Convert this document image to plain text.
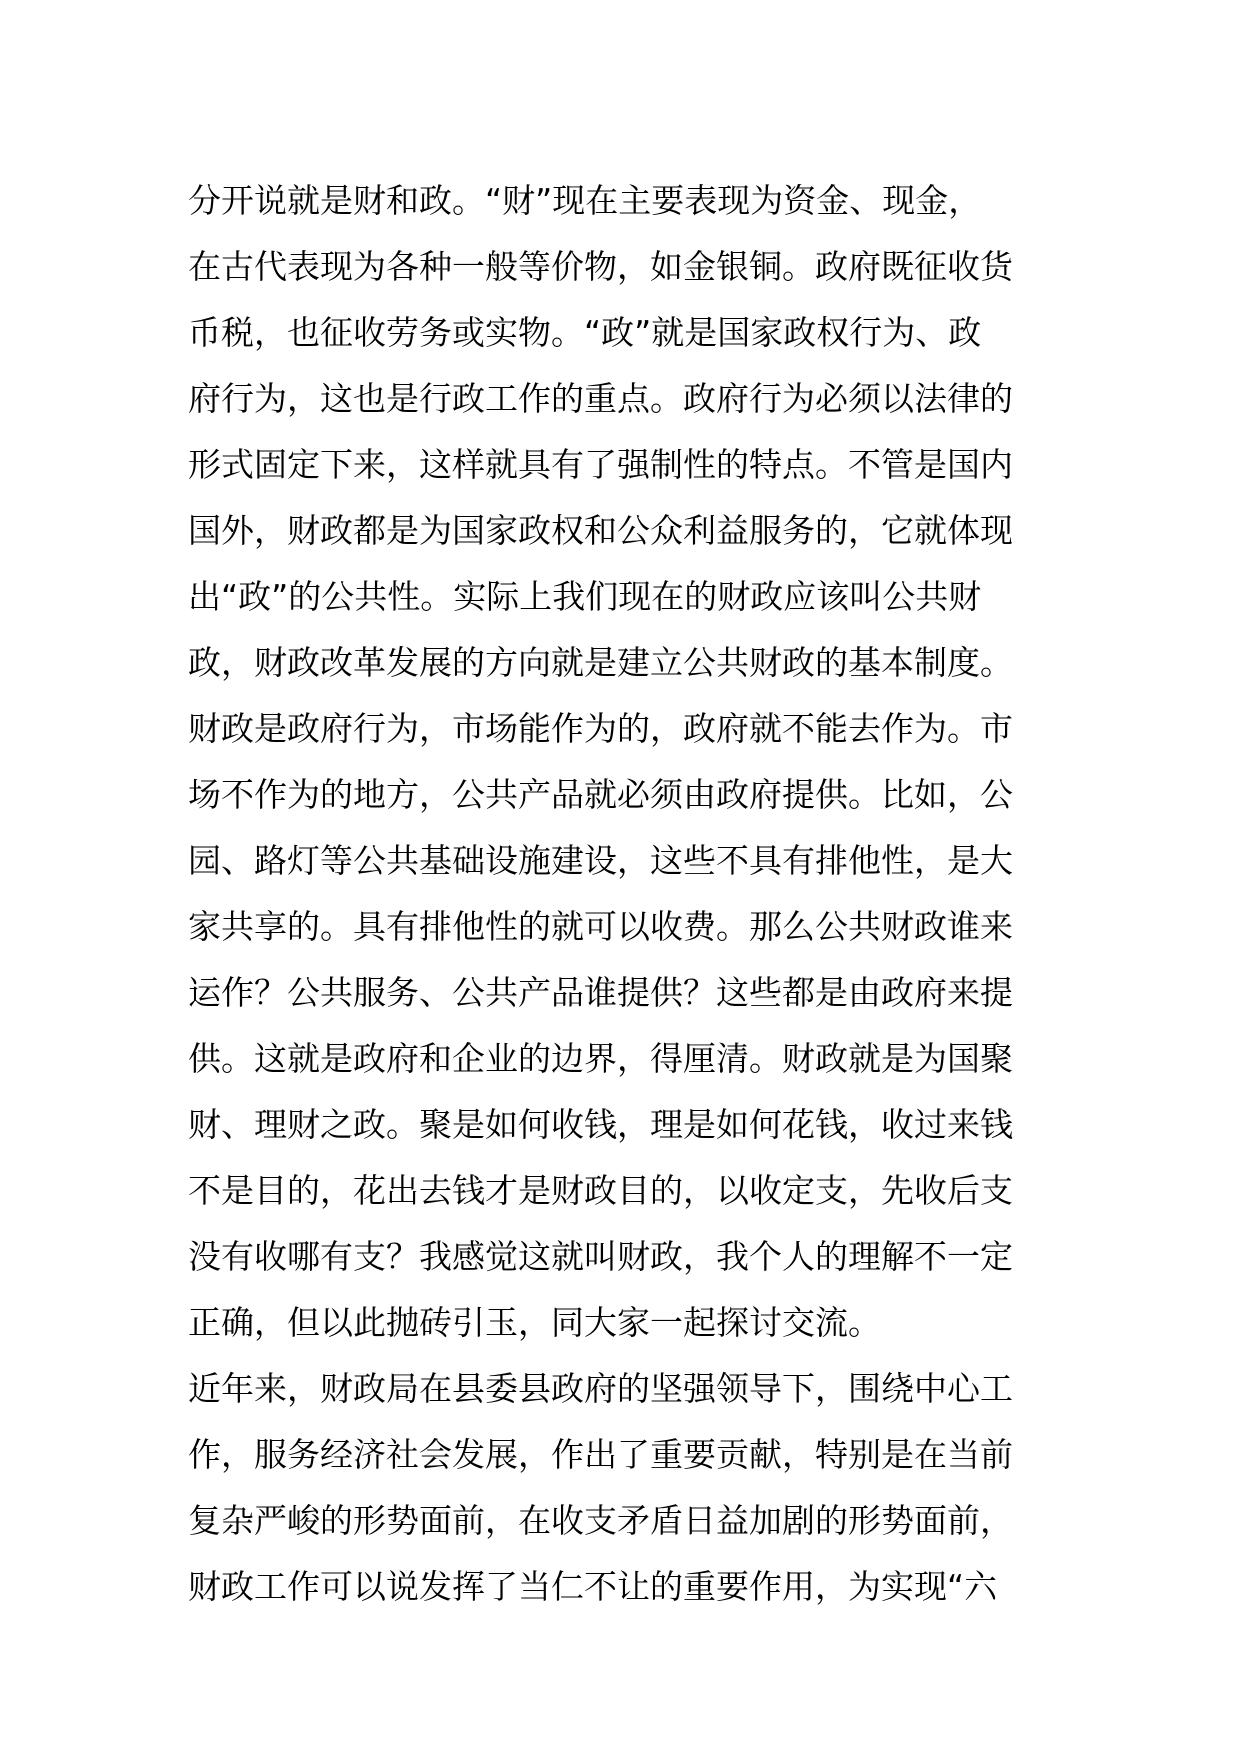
分开说就是财和政。“财”现在主要表现为资金、现金，
在古代表现为各种一般等价物，如金银铜。政府既征收货
币税，也征收劳务或实物。“政”就是国家政权行为、政
府行为，这也是行政工作的重点。政府行为必须以法律的
形式固定下来，这样就具有了强制性的特点。不管是国内
国外，财政都是为国家政权和公众利益服务的，它就体现
出“政”的公共性。实际上我们现在的财政应该叫公共财
政，财政改革发展的方向就是建立公共财政的基本制度。
财政是政府行为，市场能作为的，政府就不能去作为。市
场不作为的地方，公共产品就必须由政府提供。比如，公
园、路灯等公共基础设施建设，这些不具有排他性，是大
家共享的。具有排他性的就可以收费。那么公共财政谁来
运作？公共服务、公共产品谁提供？这些都是由政府来提
供。这就是政府和企业的边界，得厘清。财政就是为国聚
财、理财之政。聚是如何收钱，理是如何花钱，收过来钱
不是目的，花出去钱才是财政目的，以收定支，先收后支
没有收哪有支？我感觉这就叫财政，我个人的理解不一定
正确，但以此抛砖引玉，同大家一起探讨交流。
近年来，财政局在县委县政府的坚强领导下，围绕中心工
作，服务经济社会发展，作出了重要贡献，特别是在当前
复杂严峻的形势面前，在收支矛盾日益加剧的形势面前，
财政工作可以说发挥了当仁不让的重要作用，为实现“六
